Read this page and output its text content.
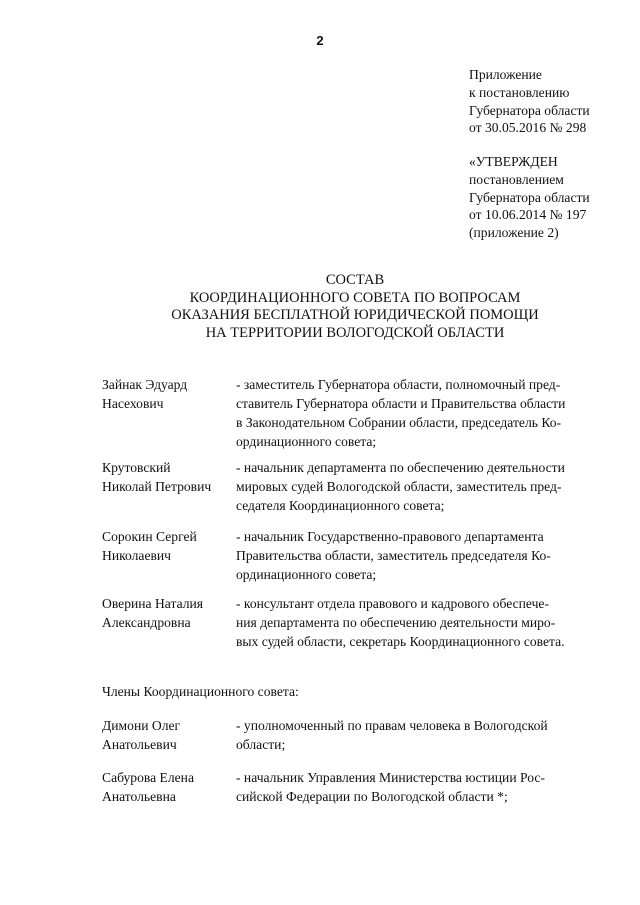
2
Приложение
к постановлению
Губернатора области
от 30.05.2016 № 298
«УТВЕРЖДЕН
постановлением
Губернатора области
от 10.06.2014 № 197
(приложение 2)
СОСТАВ
КООРДИНАЦИОННОГО СОВЕТА ПО ВОПРОСАМ
ОКАЗАНИЯ БЕСПЛАТНОЙ ЮРИДИЧЕСКОЙ ПОМОЩИ
НА ТЕРРИТОРИИ ВОЛОГОДСКОЙ ОБЛАСТИ
Зайнак Эдуард
Насехович
- заместитель Губернатора области, полномочный пред-
ставитель Губернатора области и Правительства области
в Законодательном Собрании области, председатель Ко-
ординационного совета;
Крутовский
Николай Петрович
- начальник департамента по обеспечению деятельности
мировых судей Вологодской области, заместитель пред-
седателя Координационного совета;
Сорокин Сергей
Николаевич
- начальник Государственно-правового департамента
Правительства области, заместитель председателя Ко-
ординационного совета;
Оверина Наталия
Александровна
- консультант отдела правового и кадрового обеспече-
ния департамента по обеспечению деятельности миро-
вых судей области, секретарь Координационного совета.
Члены Координационного совета:
Димони Олег
Анатольевич
- уполномоченный по правам человека в Вологодской
области;
Сабурова Елена
Анатольевна
- начальник Управления Министерства юстиции Рос-
сийской Федерации по Вологодской области *;
